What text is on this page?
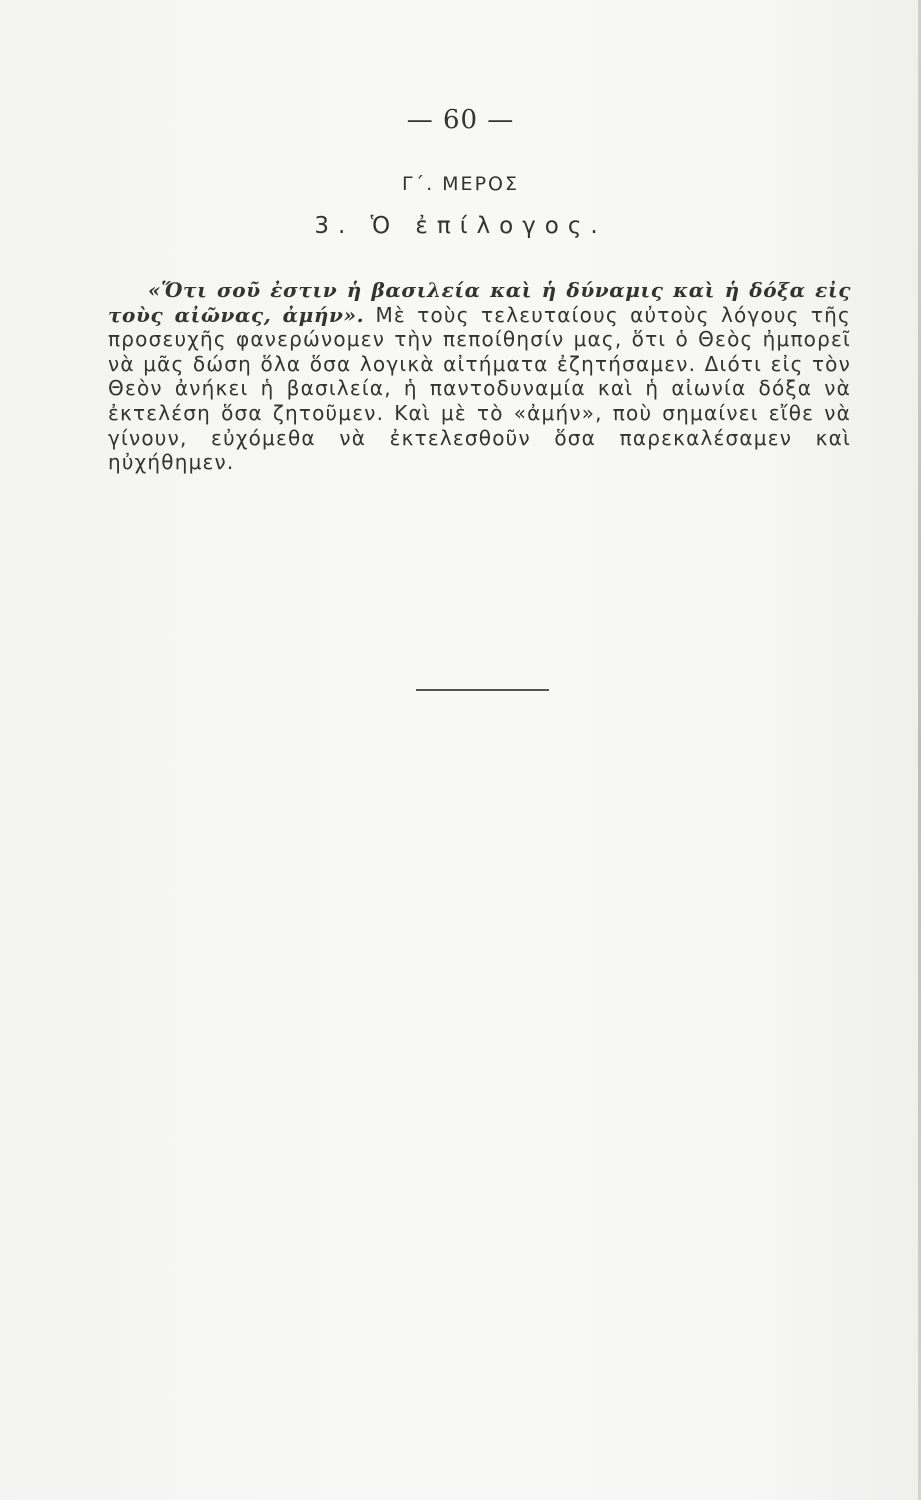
— 60 —
Γ΄. ΜΕΡΟΣ
3. Ὁ ἐπίλογος.

«Ὅτι σοῦ ἐστιν ἡ βασιλεία καὶ ἡ δύναμις καὶ ἡ δόξα εἰς τοὺς αἰῶνας, ἀμήν». Μὲ τοὺς τελευταίους αὐτοὺς λόγους τῆς προσευχῆς φανερώνομεν τὴν πεποίθησίν μας, ὅτι ὁ Θεὸς ἠμπορεῖ νὰ μᾶς δώση ὅλα ὅσα λογικὰ αἰτήματα ἐζητήσαμεν. Διότι εἰς τὸν Θεὸν ἀνήκει ἡ βασιλεία, ἡ παντοδυναμία καὶ ἡ αἰωνία δόξα νὰ ἐκτελέση ὅσα ζητοῦμεν. Καὶ μὲ τὸ «ἀμήν», ποὺ σημαίνει εἴθε νὰ γίνουν, εὐχόμεθα νὰ ἐκτελεσθοῦν ὅσα παρεκαλέσαμεν καὶ ηὐχήθημεν.
